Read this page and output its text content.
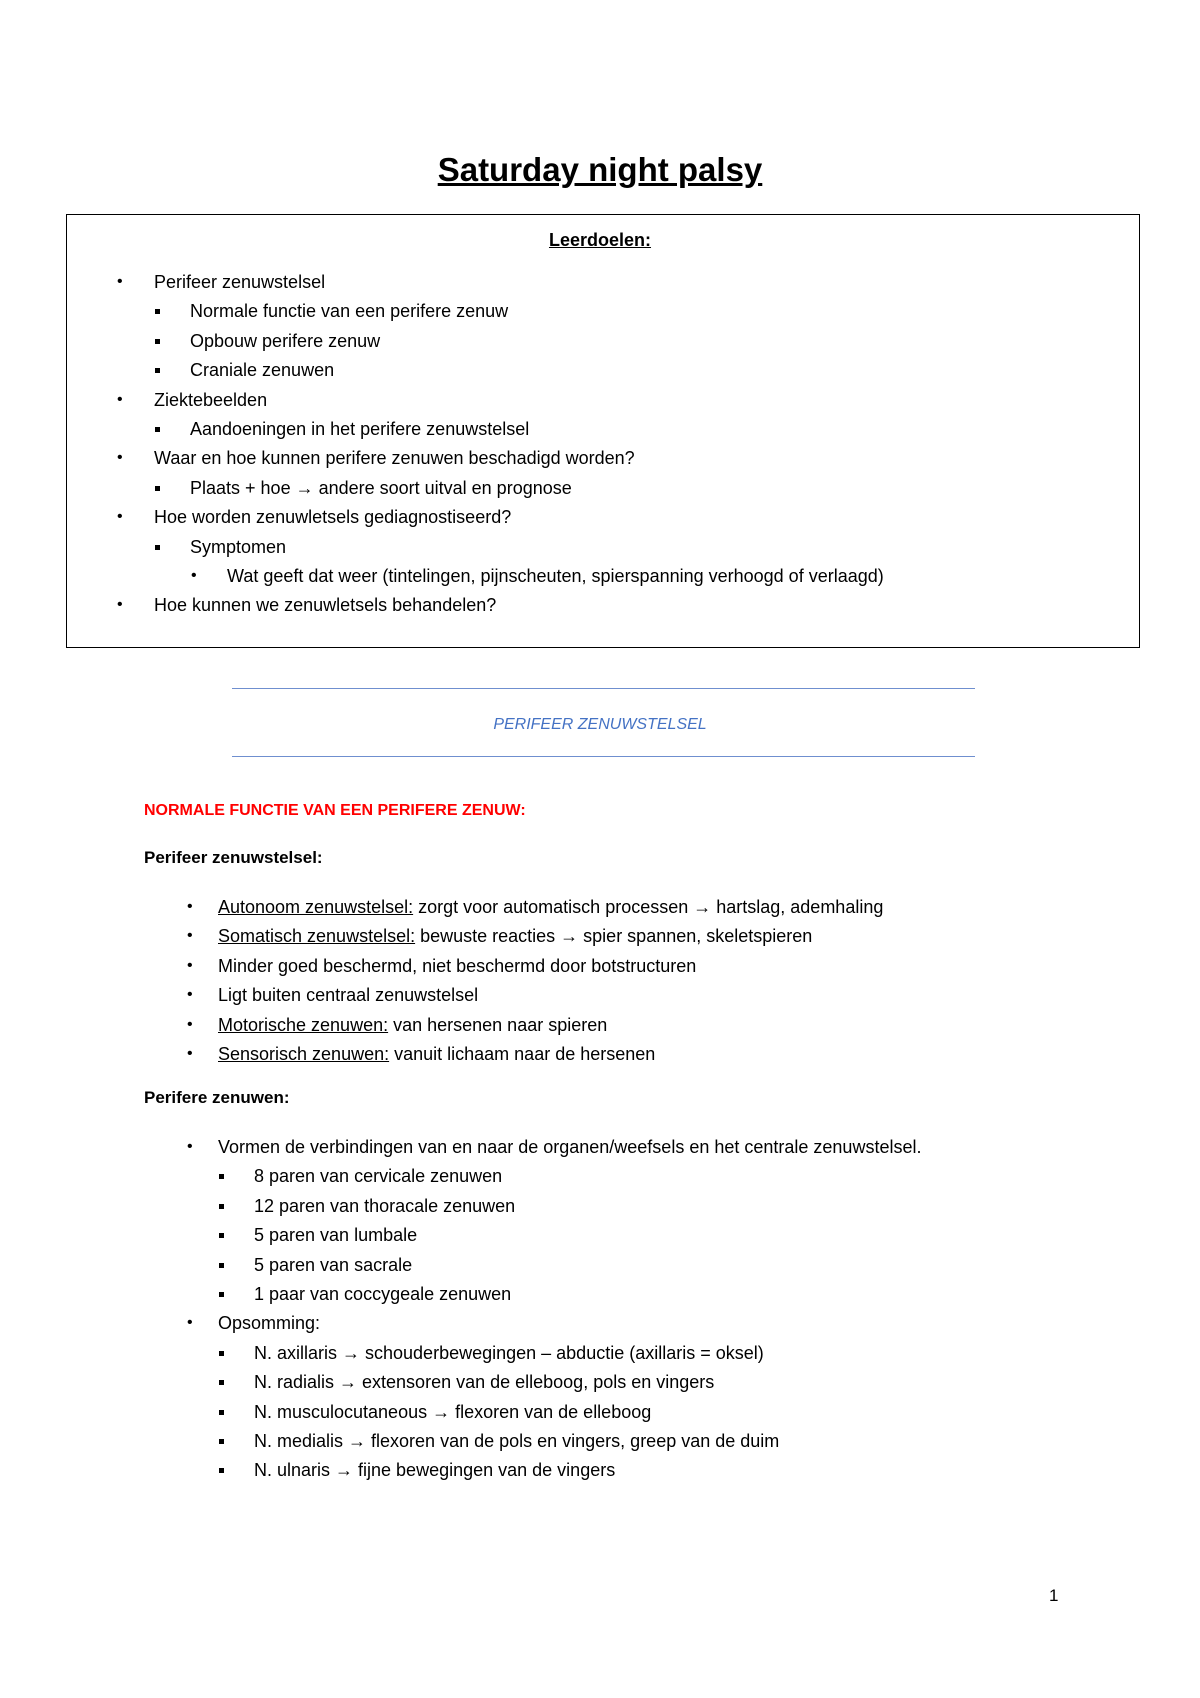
Saturday night palsy
Leerdoelen:
• Perifeer zenuwstelsel
Normale functie van een perifere zenuw
Opbouw perifere zenuw
Craniale zenuwen
• Ziektebeelden
Aandoeningen in het perifere zenuwstelsel
• Waar en hoe kunnen perifere zenuwen beschadigd worden?
Plaats + hoe → andere soort uitval en prognose
• Hoe worden zenuwletsels gediagnostiseerd?
Symptomen
• Wat geeft dat weer (tintelingen, pijnscheuten, spierspanning verhoogd of verlaagd)
• Hoe kunnen we zenuwletsels behandelen?
PERIFEER ZENUWSTELSEL
NORMALE FUNCTIE VAN EEN PERIFERE ZENUW:
Perifeer zenuwstelsel:
• Autonoom zenuwstelsel: zorgt voor automatisch processen → hartslag, ademhaling
• Somatisch zenuwstelsel: bewuste reacties → spier spannen, skeletspieren
• Minder goed beschermd, niet beschermd door botstructuren
• Ligt buiten centraal zenuwstelsel
• Motorische zenuwen: van hersenen naar spieren
• Sensorisch zenuwen: vanuit lichaam naar de hersenen
Perifere zenuwen:
• Vormen de verbindingen van en naar de organen/weefsels en het centrale zenuwstelsel.
8 paren van cervicale zenuwen
12 paren van thoracale zenuwen
5 paren van lumbale
5 paren van sacrale
1 paar van coccygeale zenuwen
• Opsomming:
N. axillaris → schouderbewegingen – abductie (axillaris = oksel)
N. radialis → extensoren van de elleboog, pols en vingers
N. musculocutaneous → flexoren van de elleboog
N. medialis → flexoren van de pols en vingers, greep van de duim
N. ulnaris → fijne bewegingen van de vingers
1
